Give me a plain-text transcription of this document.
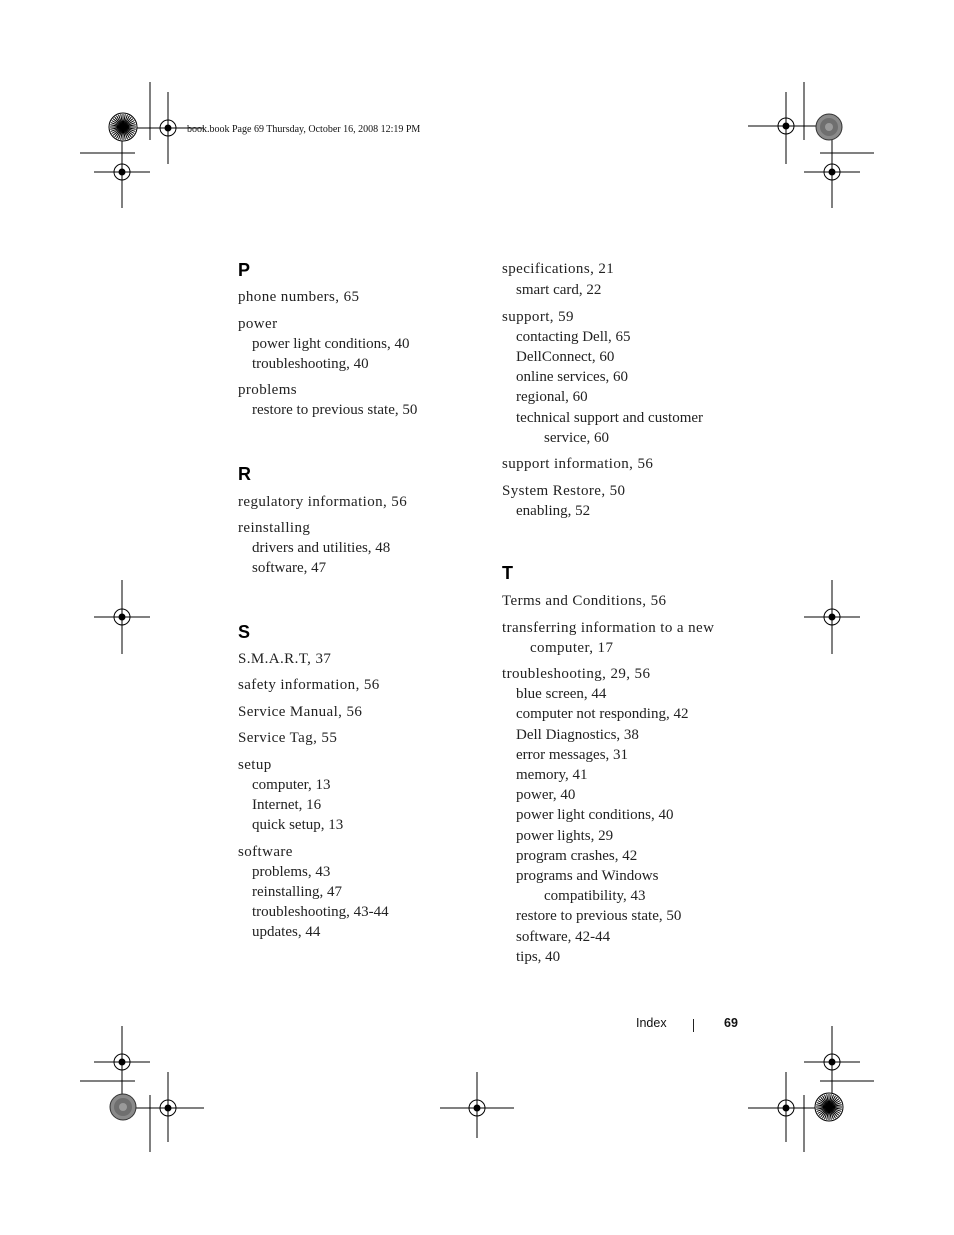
book.book Page 69 Thursday, October 16, 2008 12:19 PM
P
phone numbers, 65
power
power light conditions, 40
troubleshooting, 40
problems
restore to previous state, 50
R
regulatory information, 56
reinstalling
drivers and utilities, 48
software, 47
S
S.M.A.R.T, 37
safety information, 56
Service Manual, 56
Service Tag, 55
setup
computer, 13
Internet, 16
quick setup, 13
software
problems, 43
reinstalling, 47
troubleshooting, 43-44
updates, 44
specifications, 21
smart card, 22
support, 59
contacting Dell, 65
DellConnect, 60
online services, 60
regional, 60
technical support and customer
service, 60
support information, 56
System Restore, 50
enabling, 52
T
Terms and Conditions, 56
transferring information to a new
computer, 17
troubleshooting, 29, 56
blue screen, 44
computer not responding, 42
Dell Diagnostics, 38
error messages, 31
memory, 41
power, 40
power light conditions, 40
power lights, 29
program crashes, 42
programs and Windows
compatibility, 43
restore to previous state, 50
software, 42-44
tips, 40
Index	69
